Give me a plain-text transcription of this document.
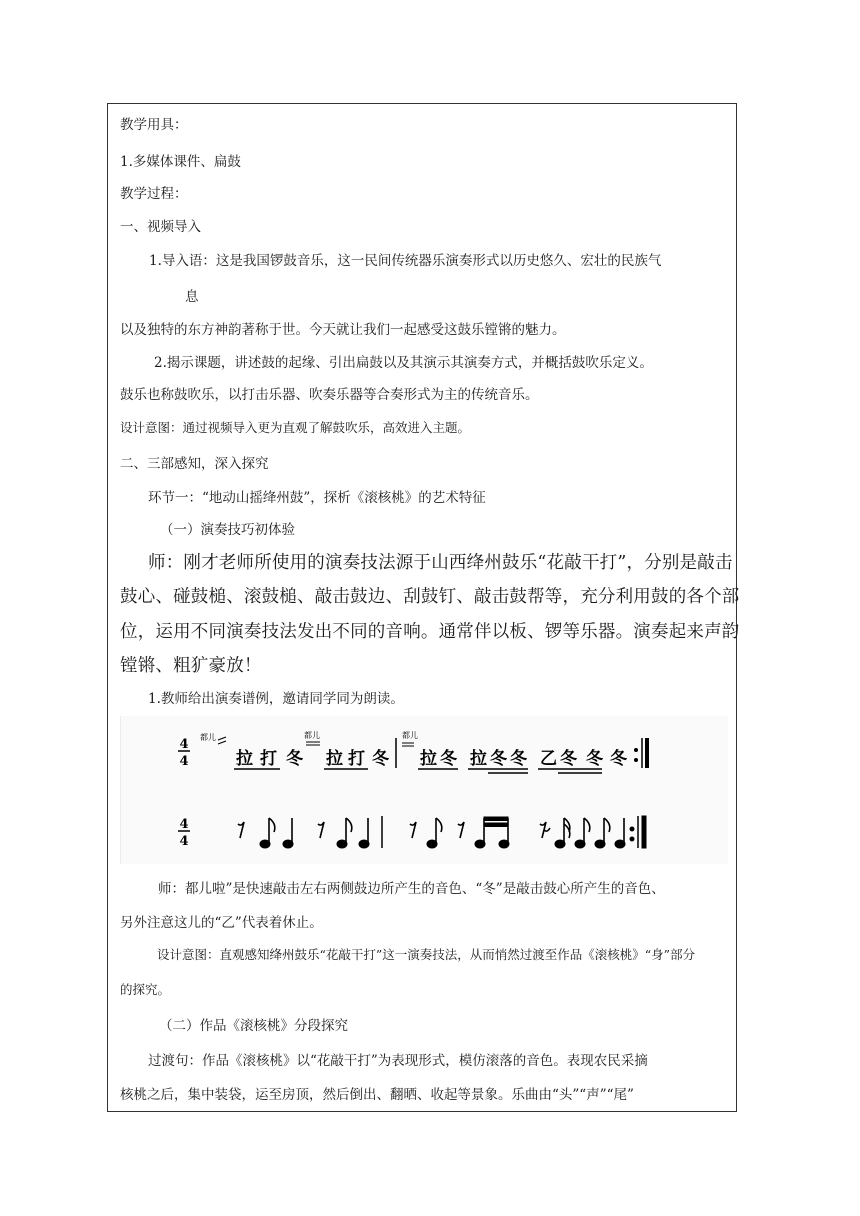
教学用具：
1.多媒体课件、扁鼓
教学过程：
一、视频导入
1.导入语：这是我国锣鼓音乐，这一民间传统器乐演奏形式以历史悠久、宏壮的民族气
息
以及独特的东方神韵著称于世。今天就让我们一起感受这鼓乐镗锵的魅力。
2.揭示课题，讲述鼓的起缘、引出扁鼓以及其演示其演奏方式，并概括鼓吹乐定义。
鼓乐也称鼓吹乐，以打击乐器、吹奏乐器等合奏形式为主的传统音乐。
设计意图：通过视频导入更为直观了解鼓吹乐，高效进入主题。
二、三部感知，深入探究
环节一：“地动山摇绛州鼓”，探析《滚核桃》的艺术特征
（一）演奏技巧初体验
师：刚才老师所使用的演奏技法源于山西绛州鼓乐“花敲干打”，分别是敲击
鼓心、碰鼓槌、滚鼓槌、敲击鼓边、刮鼓钉、敲击鼓帮等，充分利用鼓的各个部
位，运用不同演奏技法发出不同的音响。通常伴以板、锣等乐器。演奏起来声韵
镗锵、粗犷豪放！
1.教师给出演奏谱例，邀请同学同为朗读。
4
4
都儿
拉 打 冬
都儿
拉 打 冬
都儿
拉 冬 拉 冬 冬 乙 冬 冬 冬
4
4
师：都儿啦”是快速敲击左右两侧鼓边所产生的音色、“冬”是敲击鼓心所产生的音色、
另外注意这儿的“乙”代表着休止。
设计意图：直观感知绛州鼓乐“花敲干打”这一演奏技法，从而悄然过渡至作品《滚核桃》“身”部分
的探究。
（二）作品《滚核桃》分段探究
过渡句：作品《滚核桃》以“花敲干打”为表现形式，模仿滚落的音色。表现农民采摘
核桃之后，集中装袋，运至房顶，然后倒出、翻晒、收起等景象。乐曲由“头”“声”“尾”
